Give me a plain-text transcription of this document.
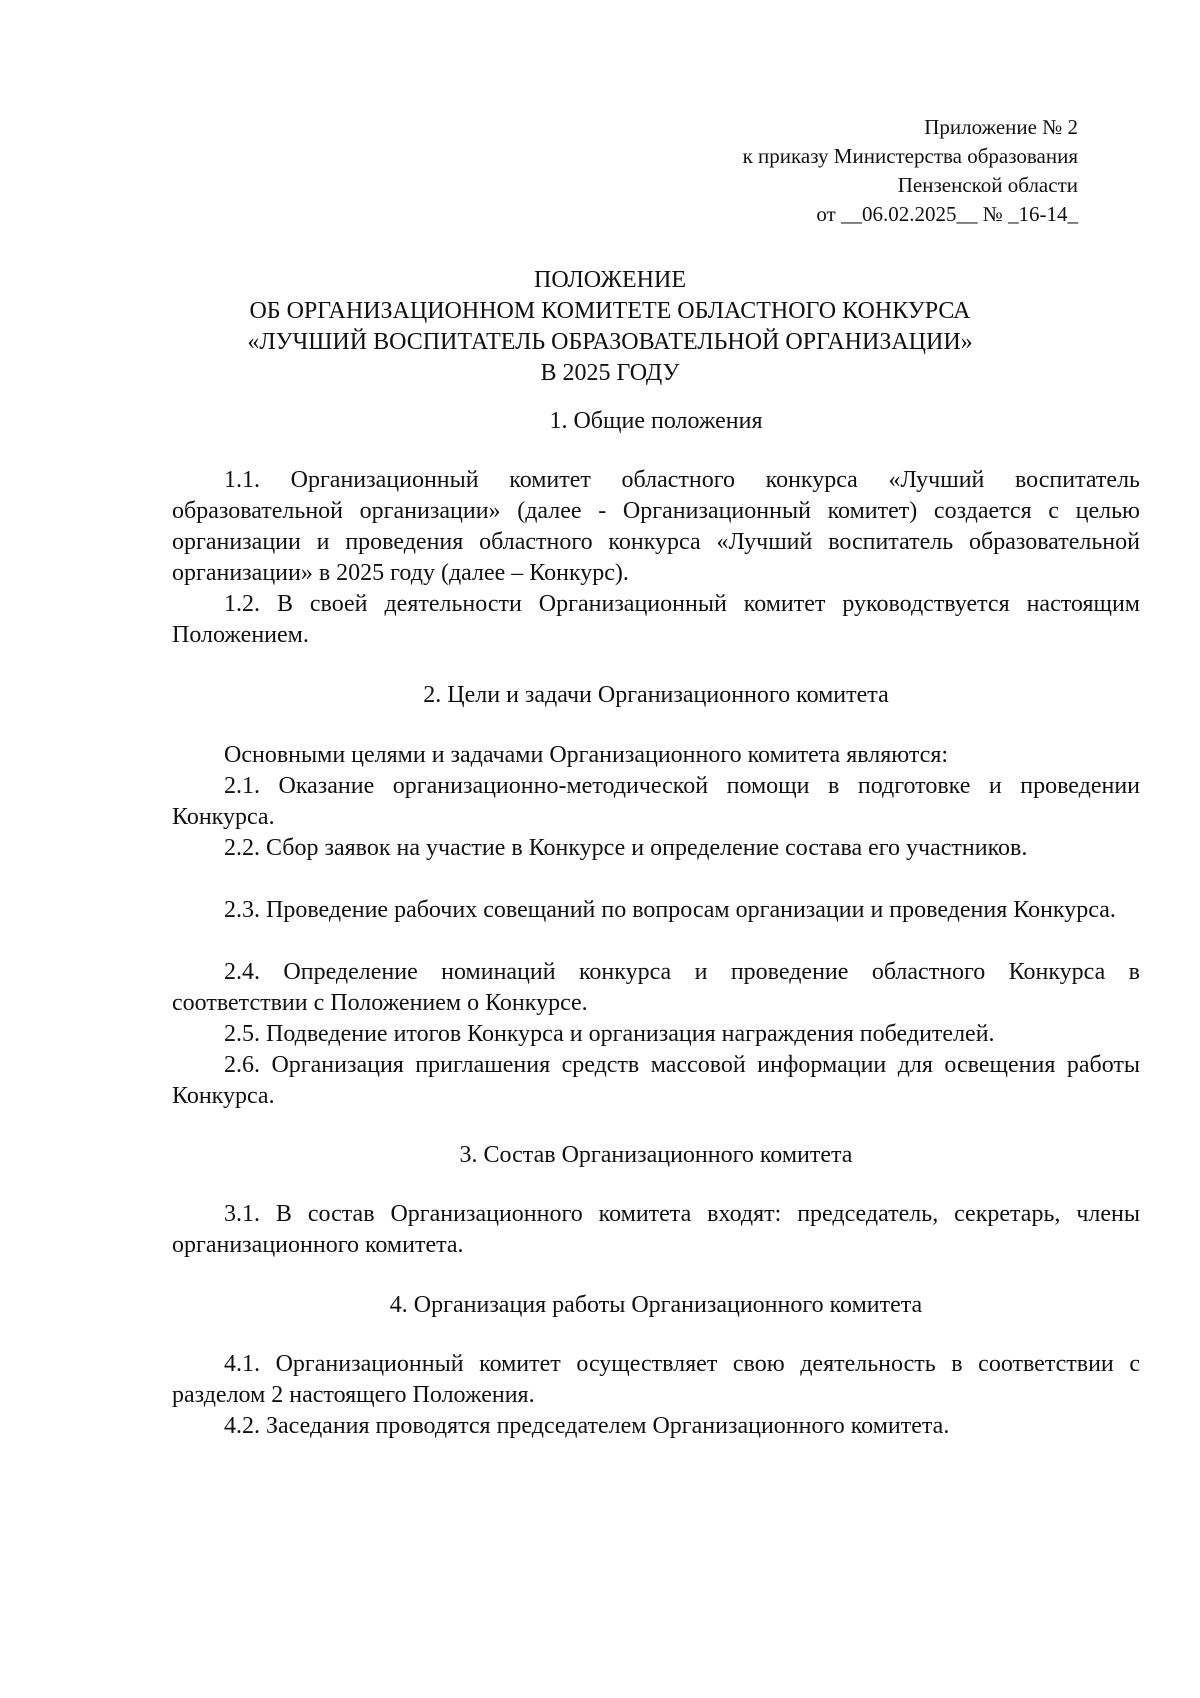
Приложение № 2
к приказу Министерства образования
Пензенской области
от __06.02.2025__ № _16-14_
ПОЛОЖЕНИЕ
ОБ ОРГАНИЗАЦИОННОМ КОМИТЕТЕ ОБЛАСТНОГО КОНКУРСА
«ЛУЧШИЙ ВОСПИТАТЕЛЬ ОБРАЗОВАТЕЛЬНОЙ ОРГАНИЗАЦИИ»
В 2025 ГОДУ
1. Общие положения
1.1. Организационный комитет областного конкурса «Лучший воспитатель образовательной организации» (далее - Организационный комитет) создается с целью организации и проведения областного конкурса «Лучший воспитатель образовательной организации» в 2025 году (далее – Конкурс).
1.2. В своей деятельности Организационный комитет руководствуется настоящим Положением.
2. Цели и задачи Организационного комитета
Основными целями и задачами Организационного комитета являются:
2.1. Оказание организационно-методической помощи в подготовке и проведении Конкурса.
2.2. Сбор заявок на участие в Конкурсе и определение состава его участников.
2.3. Проведение рабочих совещаний по вопросам организации и проведения Конкурса.
2.4. Определение номинаций конкурса и проведение областного Конкурса в соответствии с Положением о Конкурсе.
2.5. Подведение итогов Конкурса и организация награждения победителей.
2.6. Организация приглашения средств массовой информации для освещения работы Конкурса.
3. Состав Организационного комитета
3.1. В состав Организационного комитета входят: председатель, секретарь, члены организационного комитета.
4. Организация работы Организационного комитета
4.1. Организационный комитет осуществляет свою деятельность в соответствии с разделом 2 настоящего Положения.
4.2. Заседания проводятся председателем Организационного комитета.
